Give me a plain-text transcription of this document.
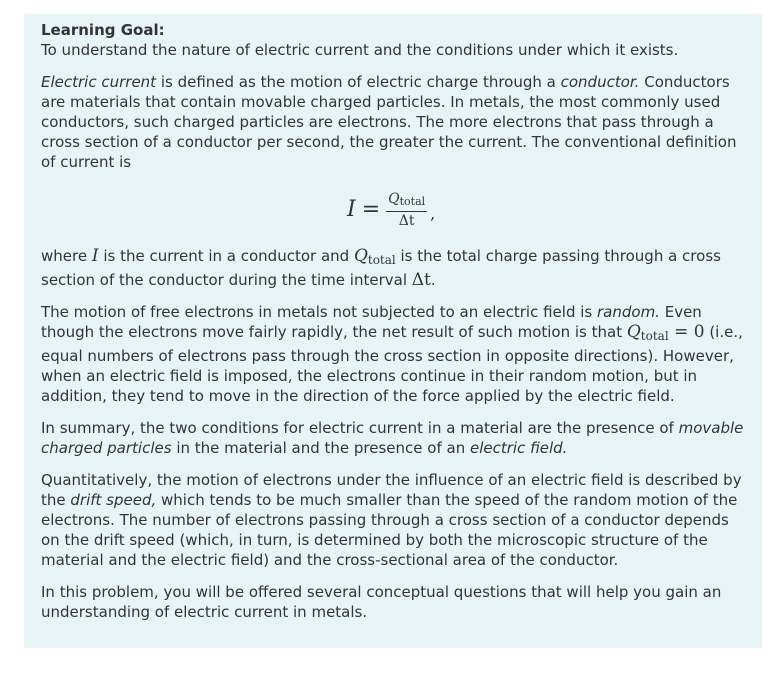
Learning Goal:
To understand the nature of electric current and the conditions under which it exists.

Electric current is defined as the motion of electric charge through a conductor. Conductors are materials that contain movable charged particles. In metals, the most commonly used conductors, such charged particles are electrons. The more electrons that pass through a cross section of a conductor per second, the greater the current. The conventional definition of current is

$I = \frac{\text{Qtotal}}{\Delta t}$ ,

where I is the current in a conductor and $Q_{total}$ is the total charge passing through a cross section of the conductor during the time interval Δt.

The motion of free electrons in metals not subjected to an electric field is random. Even though the electrons move fairly rapidly, the net result of such motion is that $Q_{total} = 0$ (i.e., equal numbers of electrons pass through the cross section in opposite directions). However, when an electric field is imposed, the electrons continue in their random motion, but in addition, they tend to move in the direction of the force applied by the electric field.

In summary, the two conditions for electric current in a material are the presence of movable charged particles in the material and the presence of an electric field.

Quantitatively, the motion of electrons under the influence of an electric field is described by the drift speed, which tends to be much smaller than the speed of the random motion of the electrons. The number of electrons passing through a cross section of a conductor depends on the drift speed (which, in turn, is determined by both the microscopic structure of the material and the electric field) and the cross-sectional area of the conductor.

In this problem, you will be offered several conceptual questions that will help you gain an understanding of electric current in metals.
